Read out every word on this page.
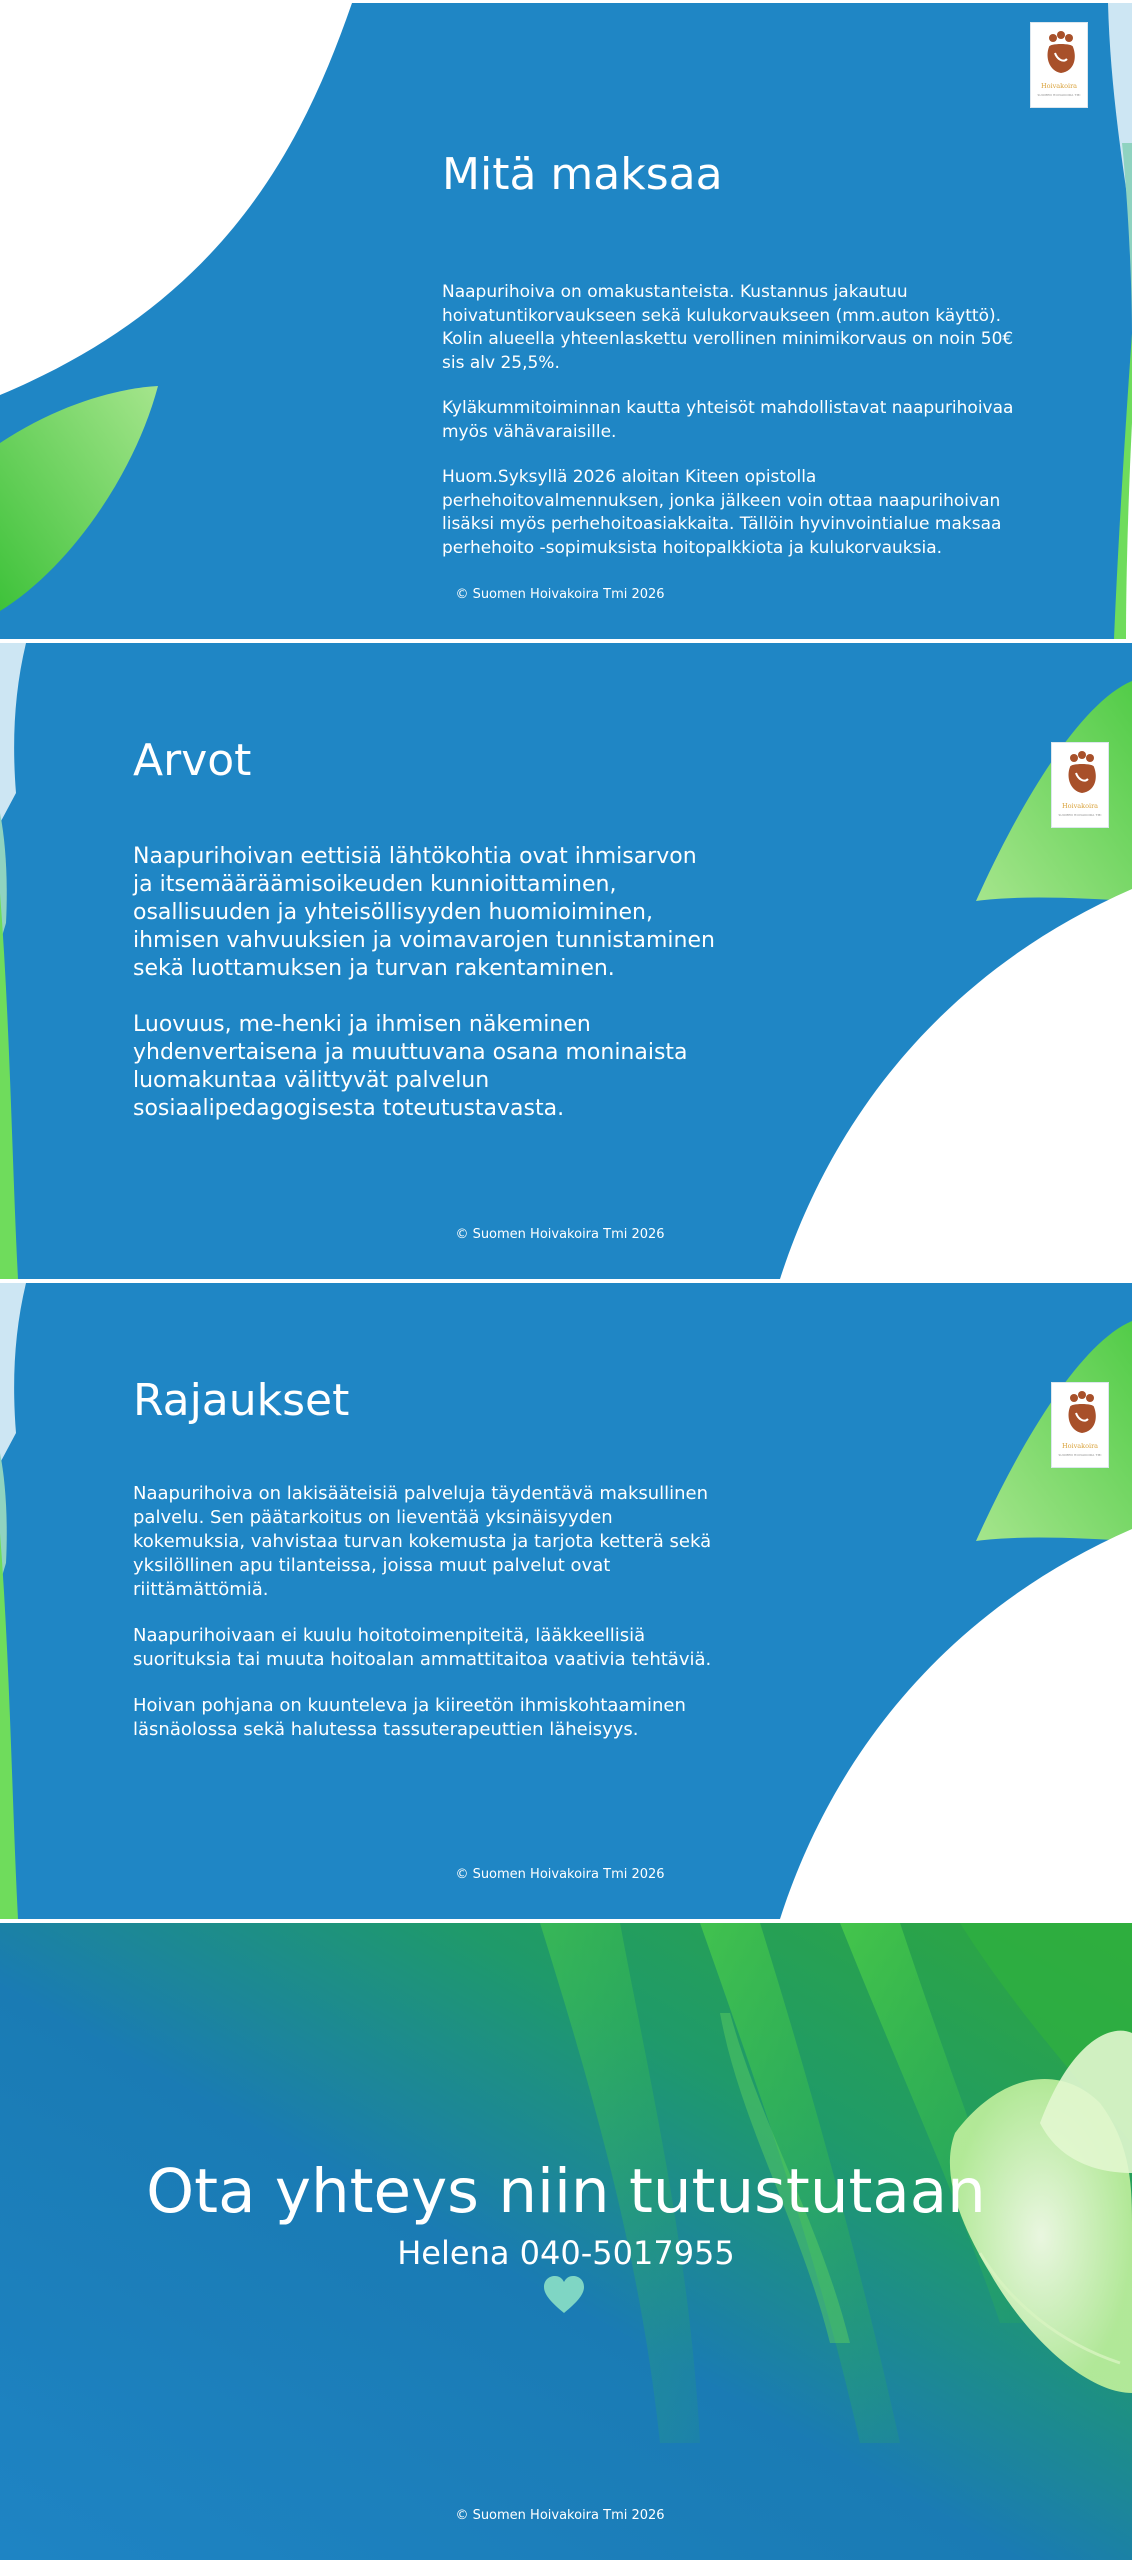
Hoivakoira
SUOMEN HOIVAKOIRA TMI
Mitä maksaa

Naapurihoiva on omakustanteista. Kustannus jakautuu hoivatuntikorvaukseen sekä kulukorvaukseen (mm.auton käyttö). Kolin alueella yhteenlaskettu verollinen minimikorvaus on noin 50€ sis alv 25,5%.

Kyläkummitoiminnan kautta yhteisöt mahdollistavat naapurihoivaa myös vähävaraisille.

Huom.Syksyllä 2026 aloitan Kiteen opistolla perhehoitovalmennuksen, jonka jälkeen voin ottaa naapurihoivan lisäksi myös perhehoitoasiakkaita. Tällöin hyvinvointialue maksaa perhehoito -sopimuksista hoitopalkkiota ja kulukorvauksia.

© Suomen Hoivakoira Tmi 2026
Hoivakoira
SUOMEN HOIVAKOIRA TMI
Arvot

Naapurihoivan eettisiä lähtökohtia ovat ihmisarvon ja itsemääräämisoikeuden kunnioittaminen, osallisuuden ja yhteisöllisyyden huomioiminen, ihmisen vahvuuksien ja voimavarojen tunnistaminen sekä luottamuksen ja turvan rakentaminen.

Luovuus, me-henki ja ihmisen näkeminen yhdenvertaisena ja muuttuvana osana moninaista luomakuntaa välittyvät palvelun sosiaalipedagogisesta toteutustavasta.

© Suomen Hoivakoira Tmi 2026
Hoivakoira
SUOMEN HOIVAKOIRA TMI
Rajaukset

Naapurihoiva on lakisääteisiä palveluja täydentävä maksullinen palvelu. Sen päätarkoitus on lieventää yksinäisyyden kokemuksia, vahvistaa turvan kokemusta ja tarjota ketterä sekä yksilöllinen apu tilanteissa, joissa muut palvelut ovat riittämättömiä.

Naapurihoivaan ei kuulu hoitotoimenpiteitä, lääkkeellisiä suorituksia tai muuta hoitoalan ammattitaitoa vaativia tehtäviä.

Hoivan pohjana on kuunteleva ja kiireetön ihmiskohtaaminen läsnäolossa sekä halutessa tassuterapeuttien läheisyys.

© Suomen Hoivakoira Tmi 2026
Ota yhteys niin tutustutaan

Helena 040-5017955

© Suomen Hoivakoira Tmi 2026
